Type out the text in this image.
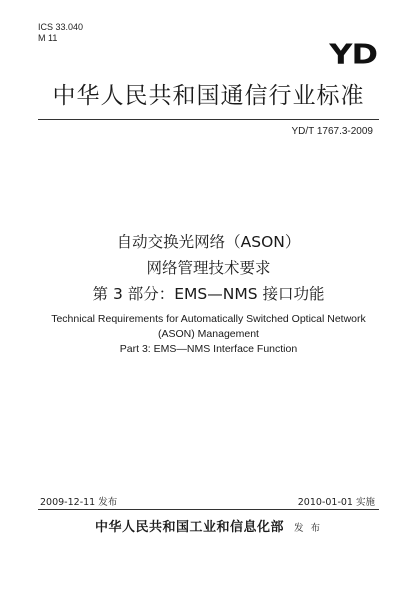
ICS 33.040
M 11	YD
中华人民共和国通信行业标准
YD/T 1767.3-2009
自动交换光网络（ASON）
网络管理技术要求
第 3 部分：EMS—NMS 接口功能
Technical Requirements for Automatically Switched Optical Network
(ASON) Management
Part 3: EMS—NMS Interface Function
2009-12-11 发布	2010-01-01 实施
中华人民共和国工业和信息化部 发 布
